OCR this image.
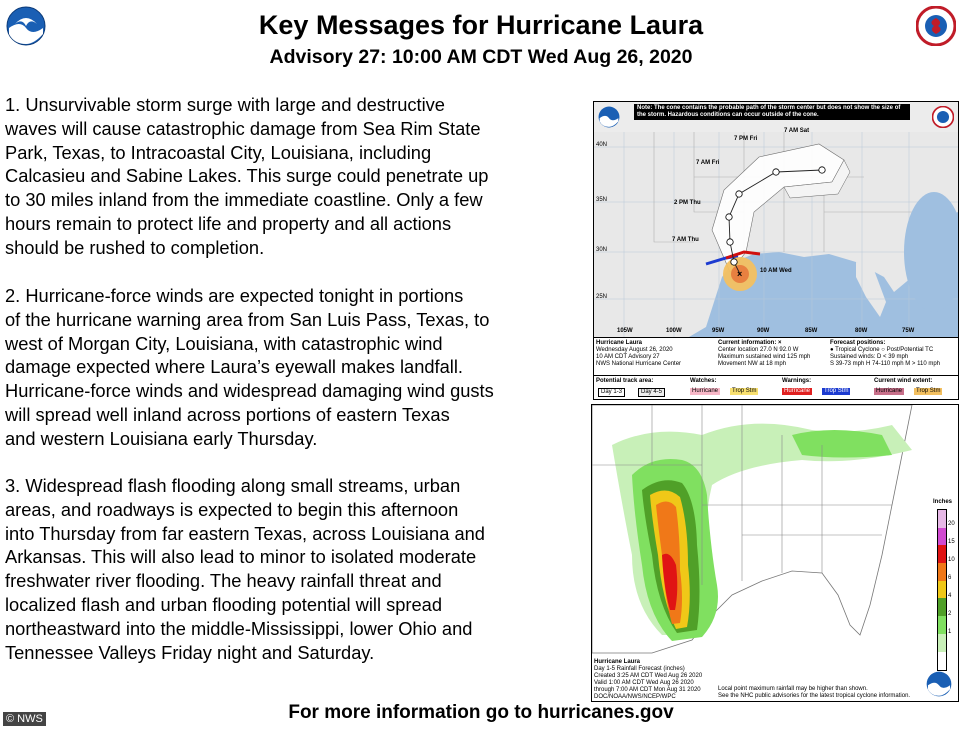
Key Messages for Hurricane Laura
Advisory 27: 10:00 AM CDT Wed Aug 26, 2020
1. Unsurvivable storm surge with large and destructive
waves will cause catastrophic damage from Sea Rim State
Park, Texas, to Intracoastal City, Louisiana, including
Calcasieu and Sabine Lakes. This surge could penetrate up
to 30 miles inland from the immediate coastline. Only a few
hours remain to protect life and property and all actions
should be rushed to completion.
2. Hurricane-force winds are expected tonight in portions
of the hurricane warning area from San Luis Pass, Texas, to
west of Morgan City, Louisiana, with catastrophic wind
damage expected where Laura’s eyewall makes landfall.
Hurricane-force winds and widespread damaging wind gusts
will spread well inland across portions of eastern Texas
and western Louisiana early Thursday.
3. Widespread flash flooding along small streams, urban
areas, and roadways is expected to begin this afternoon
into Thursday from far eastern Texas, across Louisiana and
Arkansas. This will also lead to minor to isolated moderate
freshwater river flooding. The heavy rainfall threat and
localized flash and urban flooding potential will spread
northeastward into the middle-Mississippi, lower Ohio and
Tennessee Valleys Friday night and Saturday.
×
Note: The cone contains the probable path of the storm center but does not show the size of the storm. Hazardous conditions can occur outside of the cone.
40N
35N
30N
25N
105W	100W	95W	90W	85W	80W	75W
7 AM Sat
7 PM Fri
7 AM Fri
2 PM Thu
7 AM Thu
10 AM Wed
Hurricane Laura
Wednesday August 26, 2020
10 AM CDT Advisory 27
NWS National Hurricane Center
Current information: ×
Center location 27.0 N 92.0 W
Maximum sustained wind 125 mph
Movement NW at 18 mph
Forecast positions:
● Tropical Cyclone ○ Post/Potential TC
Sustained winds: D < 39 mph
S 39-73 mph H 74-110 mph M > 110 mph
Potential track area:
Day 1-3	Day 4-5
Watches:
Hurricane	Trop Stm
Warnings:
Hurricane	Trop Stm
Current wind extent:
Hurricane	Trop Stm
Inches
20
15
10
6
4
2
1
Hurricane Laura
Day 1-5 Rainfall Forecast (inches)
Created 3:25 AM CDT Wed Aug 26 2020
Valid 1:00 AM CDT Wed Aug 26 2020
through 7:00 AM CDT Mon Aug 31 2020
DOC/NOAA/NWS/NCEP/WPC
Local point maximum rainfall may be higher than shown.
See the NHC public advisories for the latest tropical cyclone information.
For more information go to hurricanes.gov
© NWS
